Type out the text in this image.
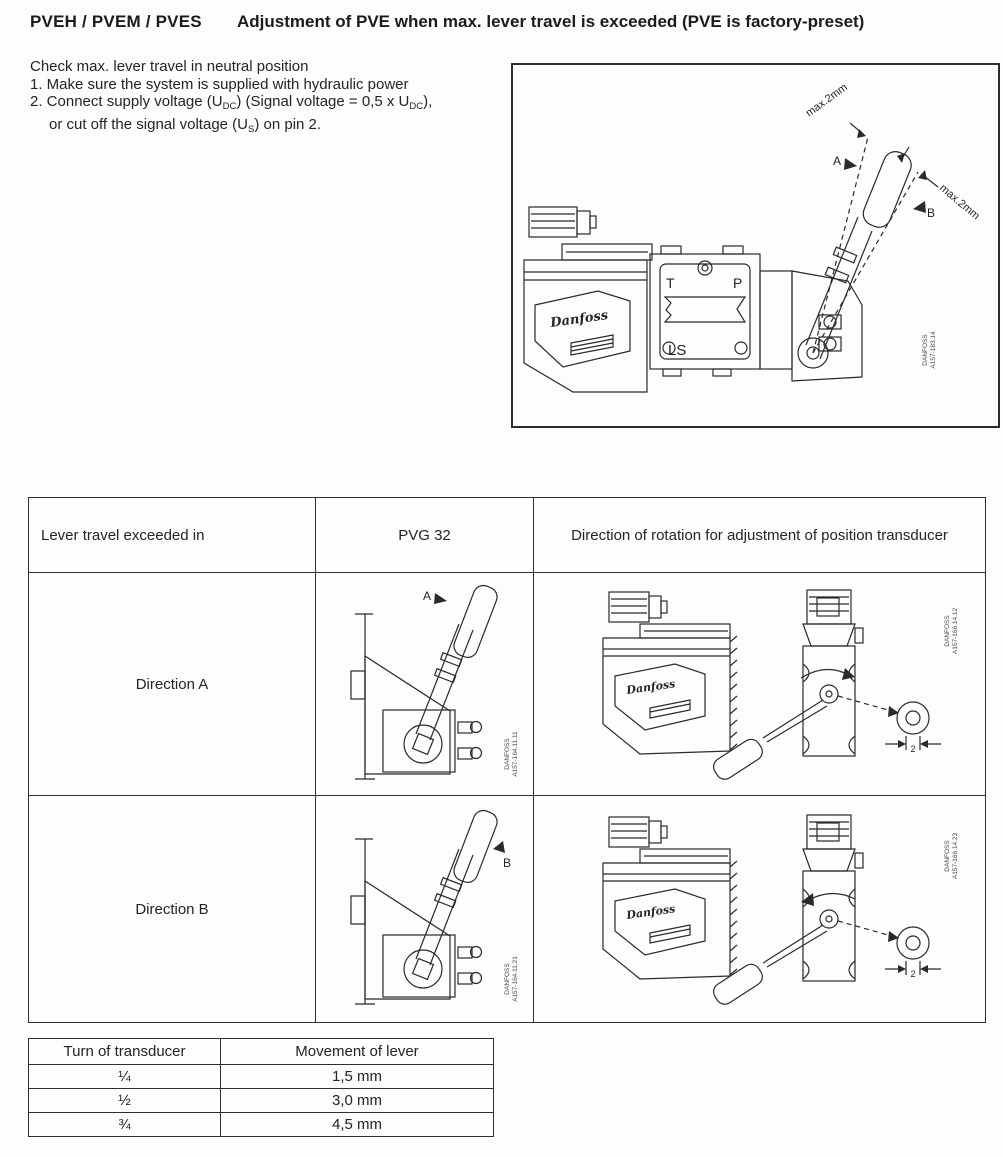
PVEH / PVEM / PVES Adjustment of PVE when max. lever travel is exceeded (PVE is factory-preset)
Check max. lever travel in neutral position
1. Make sure the system is supplied with hydraulic power
2. Connect supply voltage $(U_{DC})$ (Signal voltage = 0,5 x $U_{DC}$),
or cut off the signal voltage $(U_S)$ on pin 2.
Danfoss
T	P
LS
max.2mm
max.2mm
A
B
DANFOSS A157-183.14
Lever travel exceeded in	PVG 32	Direction of rotation for adjustment of position transducer
Direction A	A
DANFOSS A157-164.11.11	Danfoss
2
DANFOSS A157-166.14.12

Direction B	B
DANFOSS A157-164.11.21	Danfoss
2
DANFOSS A157-166.14.23
Turn of transducer	Movement of lever
¼	1,5 mm
½	3,0 mm
¾	4,5 mm
